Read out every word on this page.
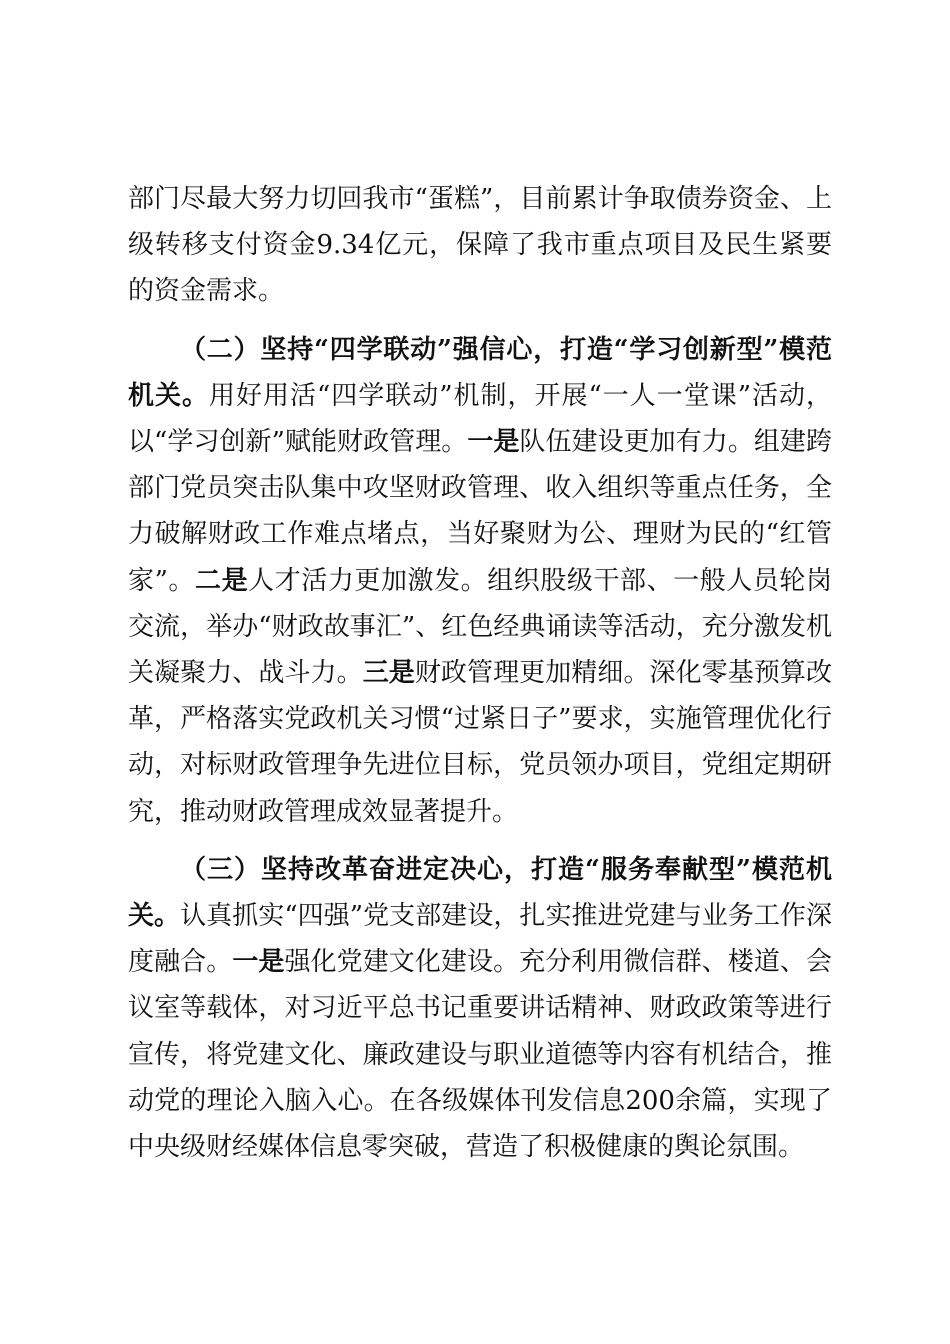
部门尽最大努力切回我市“蛋糕”，目前累计争取债券资金、上级转移支付资金9.34亿元，保障了我市重点项目及民生紧要的资金需求。

（二）坚持“四学联动”强信心，打造“学习创新型”模范机关。用好用活“四学联动”机制，开展“一人一堂课”活动，以“学习创新”赋能财政管理。一是队伍建设更加有力。组建跨部门党员突击队集中攻坚财政管理、收入组织等重点任务，全力破解财政工作难点堵点，当好聚财为公、理财为民的“红管家”。二是人才活力更加激发。组织股级干部、一般人员轮岗交流，举办“财政故事汇”、红色经典诵读等活动，充分激发机关凝聚力、战斗力。三是财政管理更加精细。深化零基预算改革，严格落实党政机关习惯“过紧日子”要求，实施管理优化行动，对标财政管理争先进位目标，党员领办项目，党组定期研究，推动财政管理成效显著提升。

（三）坚持改革奋进定决心，打造“服务奉献型”模范机关。认真抓实“四强”党支部建设，扎实推进党建与业务工作深度融合。一是强化党建文化建设。充分利用微信群、楼道、会议室等载体，对习近平总书记重要讲话精神、财政政策等进行宣传，将党建文化、廉政建设与职业道德等内容有机结合，推动党的理论入脑入心。在各级媒体刊发信息200余篇，实现了中央级财经媒体信息零突破，营造了积极健康的舆论氛围。
